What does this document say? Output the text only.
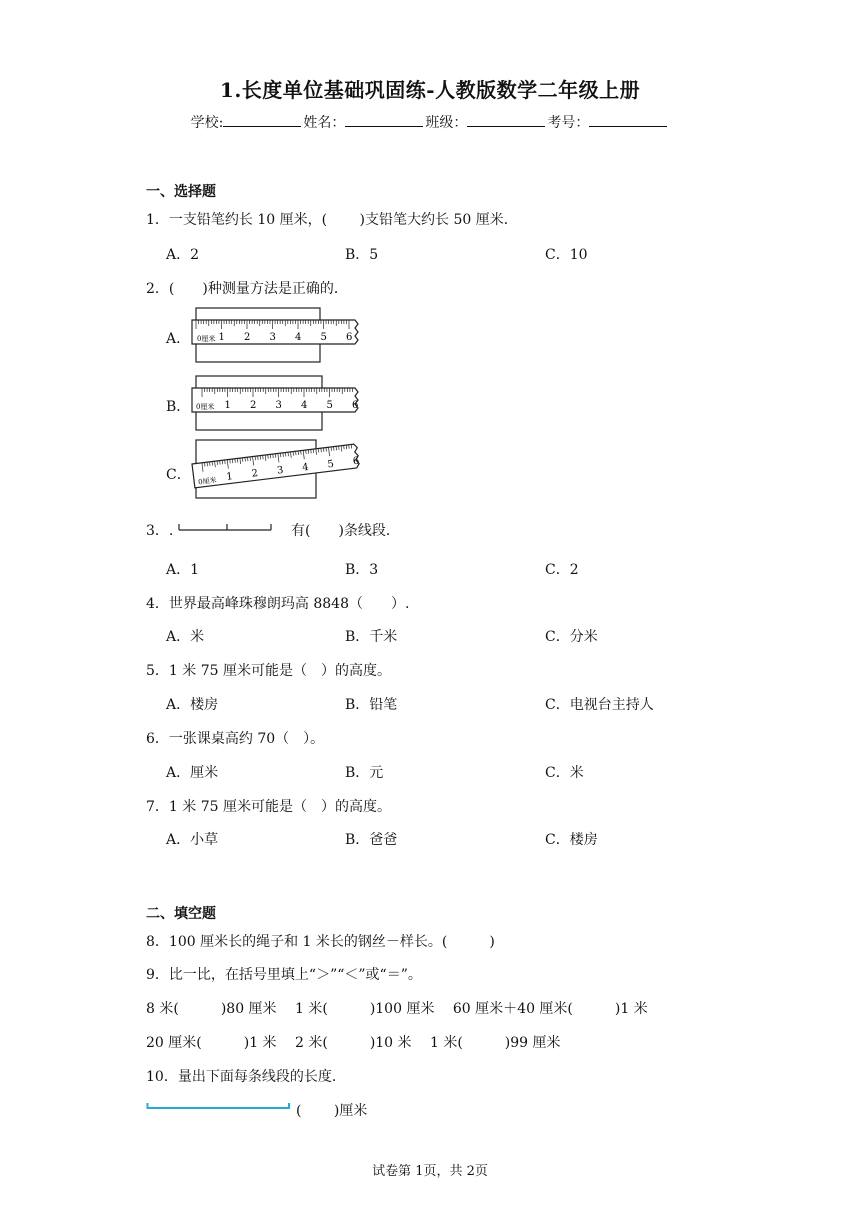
1.长度单位基础巩固练-人教版数学二年级上册
学校:	姓名：	班级：	考号：
一、选择题
1．一支铅笔约长 10 厘米，(　　 )支铅笔大约长 50 厘米．
A．2	B．5	C．10
2．(　　)种测量方法是正确的．
A． 0厘米 1 2 3 4 5 6
B． 0厘米 1 2 3 4 5 6
C． 0厘米 1 2 3 4 5 6
3．.	有(　　)条线段．
A．1	B．3	C．2
4．世界最高峰珠穆朗玛高 8848（　　）.
A．米	B．千米	C．分米
5．1 米 75 厘米可能是（　）的高度。
A．楼房	B．铅笔	C．电视台主持人
6．一张课桌高约 70（　）。
A．厘米	B．元	C．米
7．1 米 75 厘米可能是（　）的高度。
A．小草	B．爸爸	C．楼房
二、填空题
8．100 厘米长的绳子和 1 米长的钢丝－样长。(　　　)
9．比一比，在括号里填上“＞”“＜”或“＝”。
8 米(　　　)80 厘米　 1 米(　　　)100 厘米　 60 厘米＋40 厘米(　　　)1 米
20 厘米(　　　)1 米　 2 米(　　　)10 米　 1 米(　　　)99 厘米
10．量出下面每条线段的长度．
(　　 )厘米
试卷第 1页，共 2页
